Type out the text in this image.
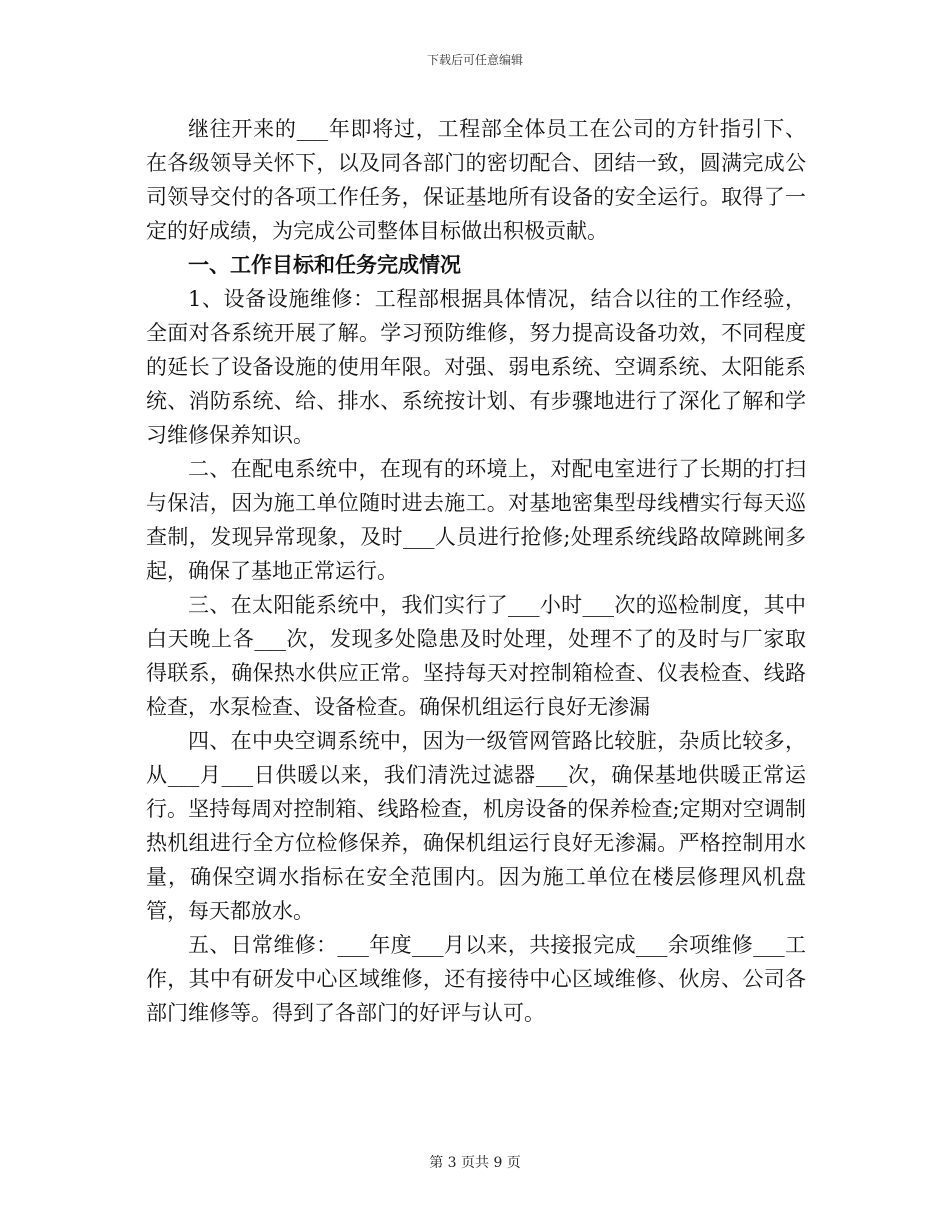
下载后可任意编辑

继往开来的___年即将过，工程部全体员工在公司的方针指引下、在各级领导关怀下，以及同各部门的密切配合、团结一致，圆满完成公司领导交付的各项工作任务，保证基地所有设备的安全运行。取得了一定的好成绩，为完成公司整体目标做出积极贡献。

一、工作目标和任务完成情况

1、设备设施维修：工程部根据具体情况，结合以往的工作经验，全面对各系统开展了解。学习预防维修，努力提高设备功效，不同程度的延长了设备设施的使用年限。对强、弱电系统、空调系统、太阳能系统、消防系统、给、排水、系统按计划、有步骤地进行了深化了解和学习维修保养知识。

二、在配电系统中，在现有的环境上，对配电室进行了长期的打扫与保洁，因为施工单位随时进去施工。对基地密集型母线槽实行每天巡查制，发现异常现象，及时___人员进行抢修;处理系统线路故障跳闸多起，确保了基地正常运行。

三、在太阳能系统中，我们实行了___小时___次的巡检制度，其中白天晚上各___次，发现多处隐患及时处理，处理不了的及时与厂家取得联系，确保热水供应正常。坚持每天对控制箱检查、仪表检查、线路检查，水泵检查、设备检查。确保机组运行良好无渗漏

四、在中央空调系统中，因为一级管网管路比较脏，杂质比较多，从___月___日供暖以来，我们清洗过滤器___次，确保基地供暖正常运行。坚持每周对控制箱、线路检查，机房设备的保养检查;定期对空调制热机组进行全方位检修保养，确保机组运行良好无渗漏。严格控制用水量，确保空调水指标在安全范围内。因为施工单位在楼层修理风机盘管，每天都放水。

五、日常维修：___年度___月以来，共接报完成___余项维修___工作，其中有研发中心区域维修，还有接待中心区域维修、伙房、公司各部门维修等。得到了各部门的好评与认可。

第 3 页共 9 页
